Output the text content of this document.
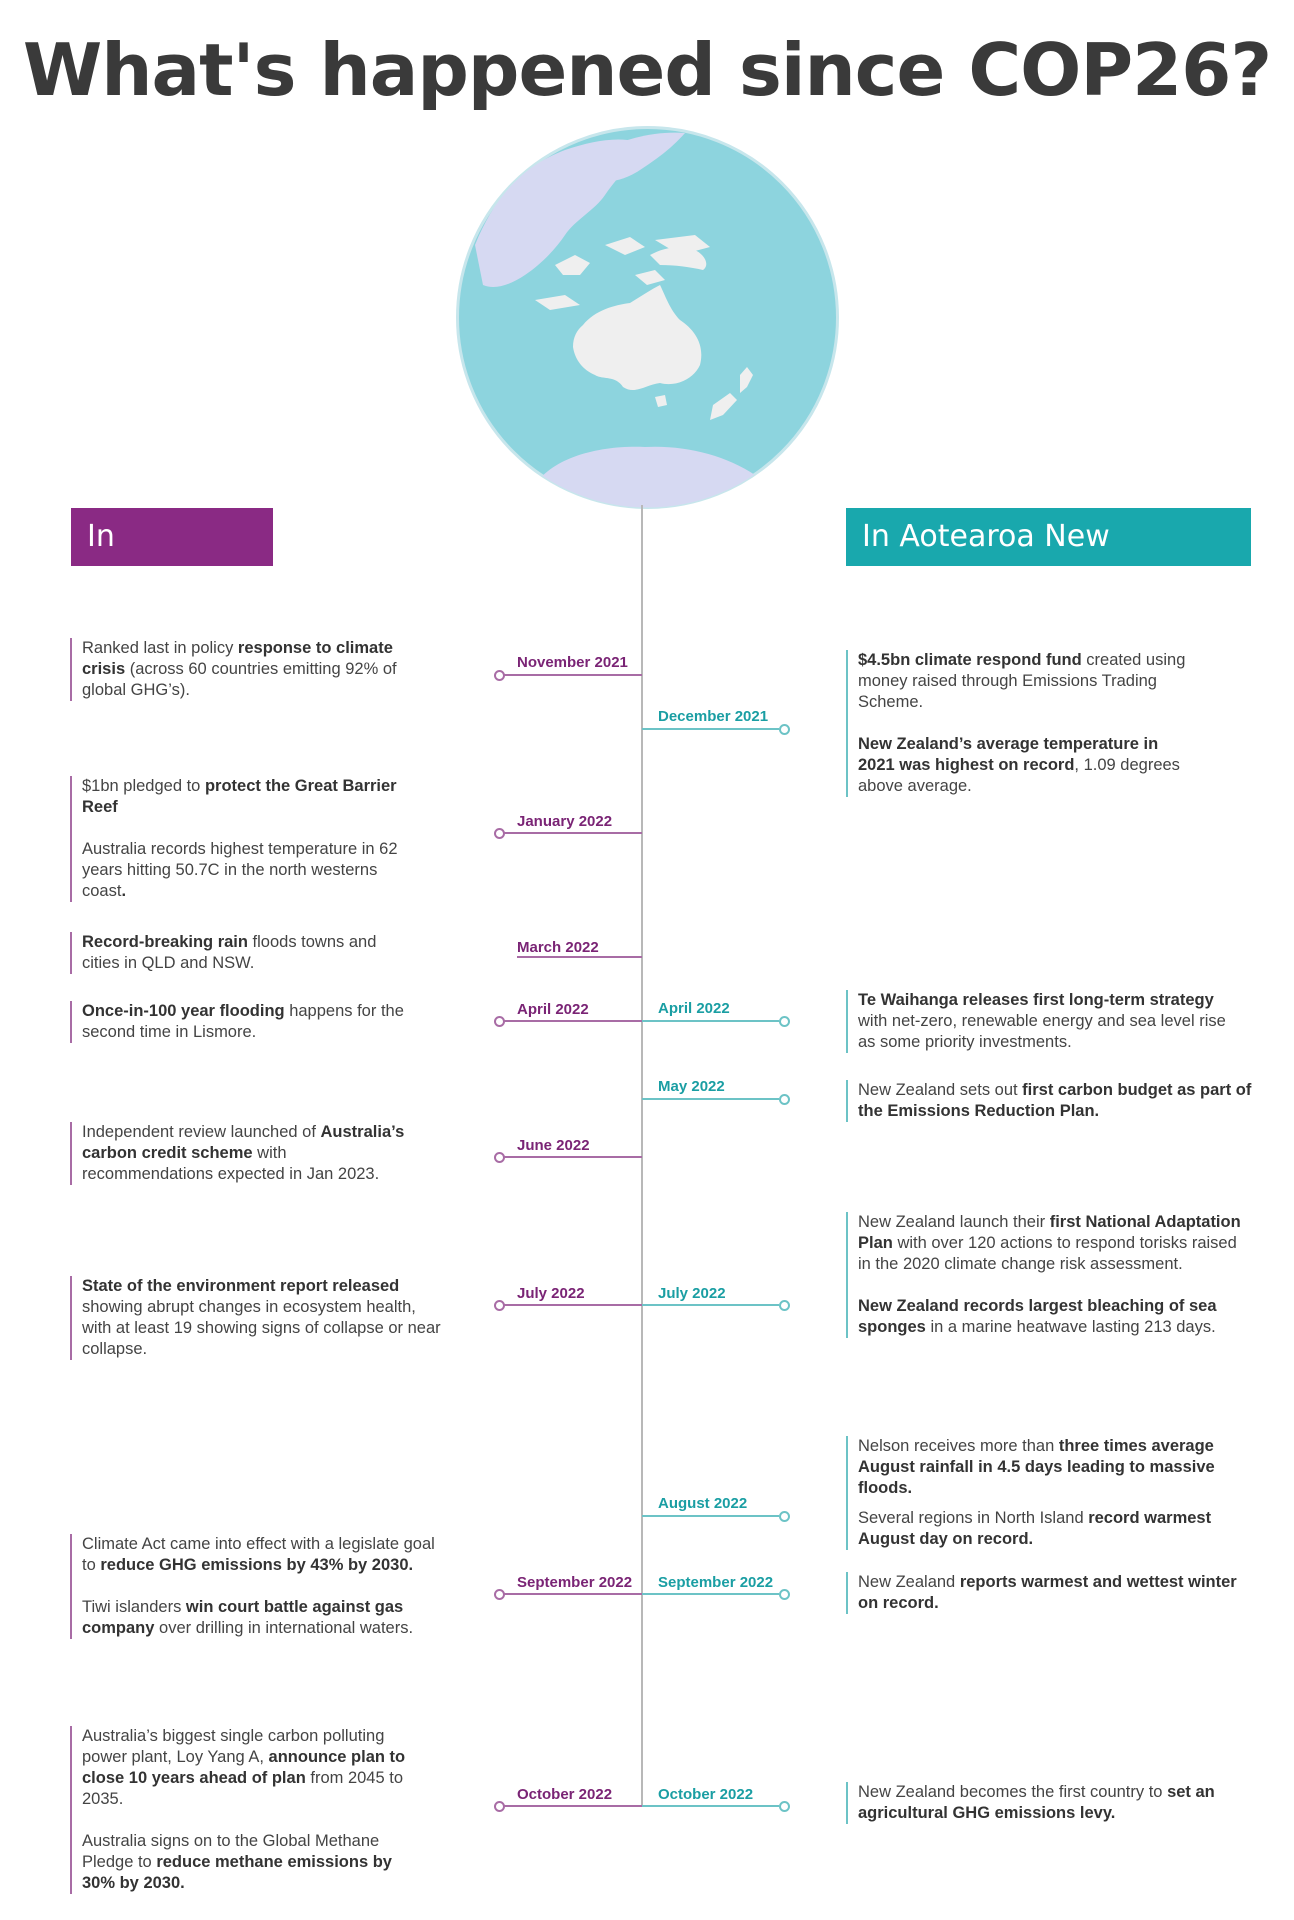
What's happened since COP26?
In Australia
In Aotearoa New Zealand
November 2021
January 2022
March 2022
April 2022
June 2022
July 2022
September 2022
October 2022
December 2021
April 2022
May 2022
July 2022
August 2022
September 2022
October 2022

Ranked last in policy response to climate crisis (across 60 countries emitting 92% of global GHG’s).

$1bn pledged to protect the Great Barrier Reef

Australia records highest temperature in 62 years hitting 50.7C in the north westerns coast.

Record-breaking rain floods towns and cities in QLD and NSW.

Once-in-100 year flooding happens for the second time in Lismore.

Independent review launched of Australia’s carbon credit scheme with recommendations expected in Jan 2023.

State of the environment report released showing abrupt changes in ecosystem health, with at least 19 showing signs of collapse or near collapse.

Climate Act came into effect with a legislate goal to reduce GHG emissions by 43% by 2030.

Tiwi islanders win court battle against gas company over drilling in international waters.

Australia’s biggest single carbon polluting power plant, Loy Yang A, announce plan to close 10 years ahead of plan from 2045 to 2035.

Australia signs on to the Global Methane Pledge to reduce methane emissions by 30% by 2030.

$4.5bn climate respond fund created using money raised through Emissions Trading Scheme.

New Zealand’s average temperature in 2021 was highest on record, 1.09 degrees above average.

Te Waihanga releases first long-term strategy with net-zero, renewable energy and sea level rise as some priority investments.

New Zealand sets out first carbon budget as part of the Emissions Reduction Plan.

New Zealand launch their first National Adaptation Plan with over 120 actions to respond torisks raised in the 2020 climate change risk assessment.

New Zealand records largest bleaching of sea sponges in a marine heatwave lasting 213 days.

Nelson receives more than three times average August rainfall in 4.5 days leading to massive floods.

Several regions in North Island record warmest August day on record.

New Zealand reports warmest and wettest winter on record.

New Zealand becomes the first country to set an agricultural GHG emissions levy.
